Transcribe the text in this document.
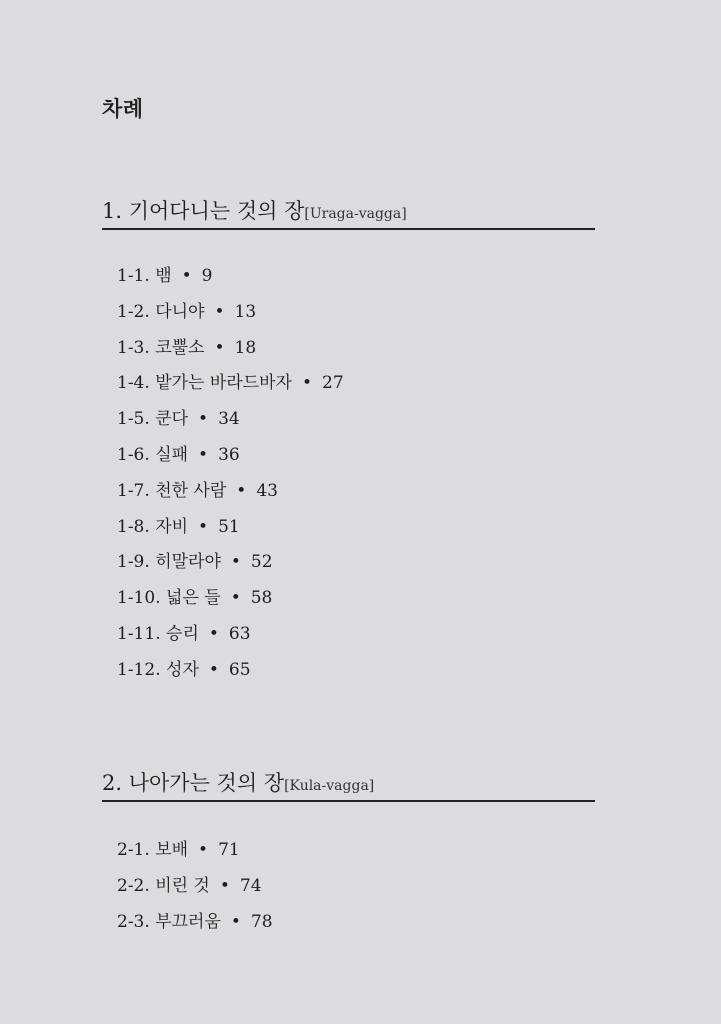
차례
1. 기어다니는 것의 장[Uraga-vagga]
1-1. 뱀 • 9
1-2. 다니야 • 13
1-3. 코뿔소 • 18
1-4. 밭가는 바라드바자 • 27
1-5. 쿤다 • 34
1-6. 실패 • 36
1-7. 천한 사람 • 43
1-8. 자비 • 51
1-9. 히말라야 • 52
1-10. 넓은 들 • 58
1-11. 승리 • 63
1-12. 성자 • 65
2. 나아가는 것의 장[Kula-vagga]
2-1. 보배 • 71
2-2. 비린 것 • 74
2-3. 부끄러움 • 78
